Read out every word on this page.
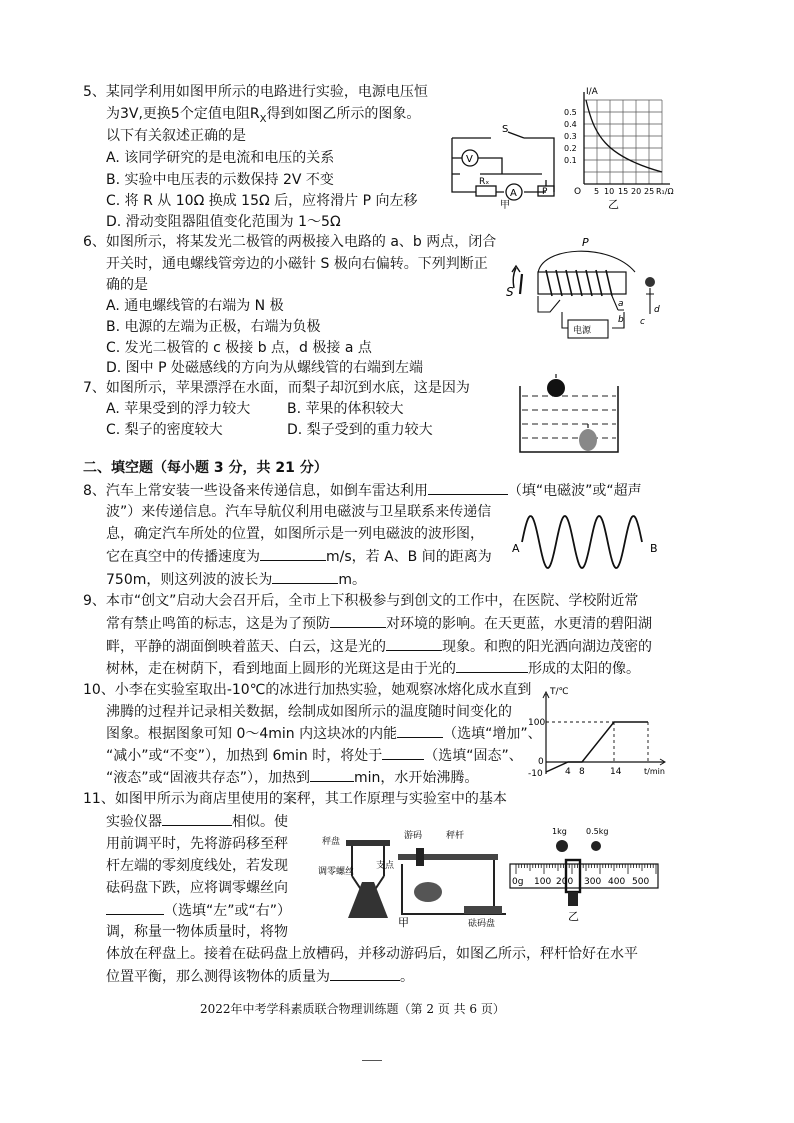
5、某同学利用如图甲所示的电路进行实验，电源电压恒
为3V,更换5个定值电阻$R_X$得到如图乙所示的图象。
以下有关叙述正确的是
A. 该同学研究的是电流和电压的关系
B. 实验中电压表的示数保持 2V 不变
C. 将 R 从 10Ω 换成 15Ω 后，应将滑片 P 向左移
D. 滑动变阻器阻值变化范围为 1～5Ω
S
V
Rₓ
A	P
甲
I/A
0.5
0.4
0.3
0.2
0.1
O 5 10 15 20 25 R₁/Ω
乙
6、如图所示，将某发光二极管的两极接入电路的 a、b 两点，闭合
开关时，通电螺线管旁边的小磁针 S 极向右偏转。下列判断正
确的是
A. 通电螺线管的右端为 N 极
B. 电源的左端为正极，右端为负极
C. 发光二极管的 c 极接 b 点，d 极接 a 点
D. 图中 P 处磁感线的方向为从螺线管的右端到左端
电源
S
P
a
b
d
c
7、如图所示，苹果漂浮在水面，而梨子却沉到水底，这是因为
A. 苹果受到的浮力较大	B. 苹果的体积较大
C. 梨子的密度较大	D. 梨子受到的重力较大
二、填空题（每小题 3 分，共 21 分）
8、汽车上常安装一些设备来传递信息，如倒车雷达利用	（填“电磁波”或“超声
波”）来传递信息。汽车导航仪利用电磁波与卫星联系来传递信
息，确定汽车所处的位置，如图所示是一列电磁波的波形图，
它在真空中的传播速度为	m/s，若 A、B 间的距离为
750m，则这列波的波长为	m。
A	B
9、本市“创文”启动大会召开后，全市上下积极参与到创文的工作中，在医院、学校附近常
常有禁止鸣笛的标志，这是为了预防	对环境的影响。在天更蓝，水更清的碧阳湖
畔，平静的湖面倒映着蓝天、白云，这是光的	现象。和煦的阳光洒向湖边茂密的
树林，走在树荫下，看到地面上圆形的光斑这是由于光的	形成的太阳的像。
10、小李在实验室取出-10℃的冰进行加热实验，她观察冰熔化成水直到
沸腾的过程并记录相关数据，绘制成如图所示的温度随时间变化的
图象。根据图象可知 0～4min 内这块冰的内能	（选填“增加”、
“减小”或“不变”），加热到 6min 时，将处于	（选填“固态”、
“液态”或“固液共存态”），加热到	min，水开始沸腾。
T/℃
100
-10
0
4 8	14	t/min
11、如图甲所示为商店里使用的案秤，其工作原理与实验室中的基本
实验仪器	相似。使
用前调平时，先将游码移至秤
杆左端的零刻度线处，若发现
砝码盘下跌，应将调零螺丝向
（选填“左”或“右”）
调，称量一物体质量时，将物
体放在秤盘上。接着在砝码盘上放槽码，并移动游码后，如图乙所示，秤杆恰好在水平
位置平衡，那么测得该物体的质量为	。
秤盘
游码	秤杆
调零螺丝
支点
槽码
砝码盘
甲
1kg 0.5kg
0g 100 200 300 400 500
乙
2022年中考学科素质联合物理训练题（第 2 页 共 6 页）
